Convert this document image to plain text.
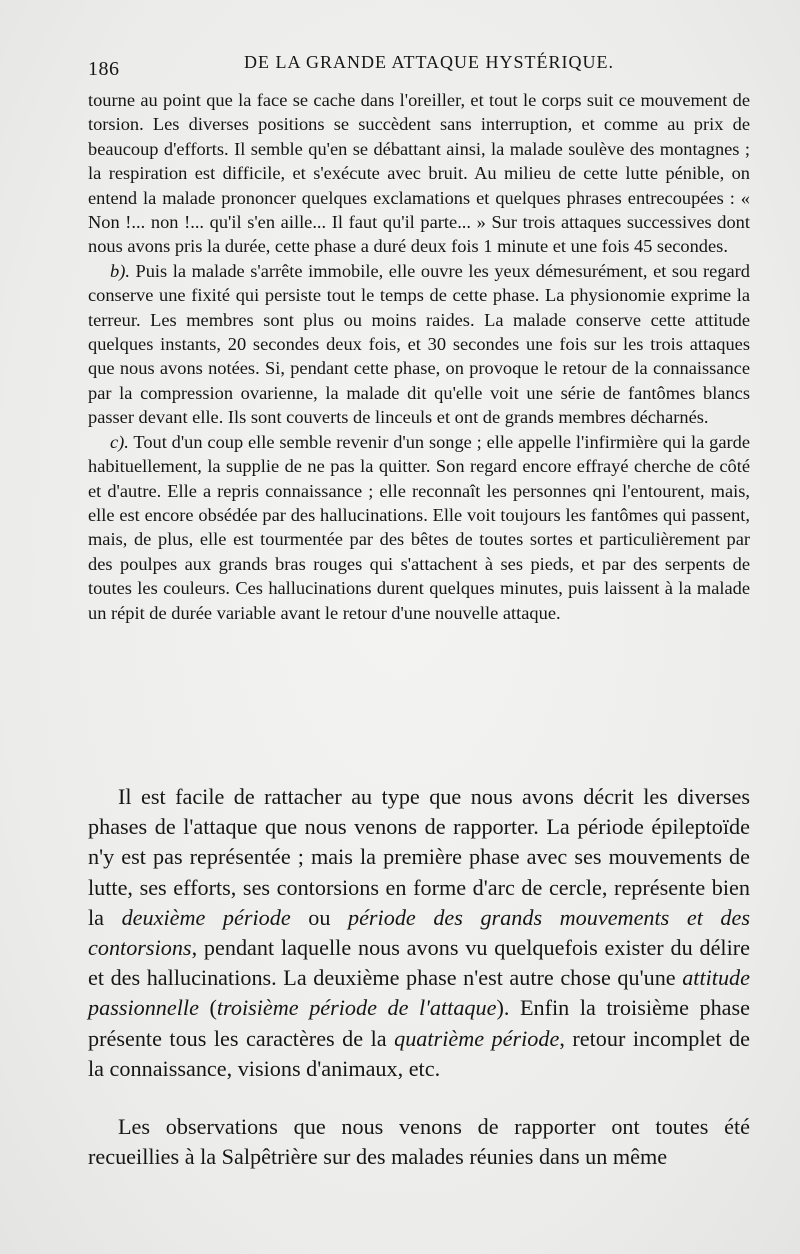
186	DE LA GRANDE ATTAQUE HYSTÉRIQUE.

tourne au point que la face se cache dans l'oreiller, et tout le corps suit ce mouvement de torsion. Les diverses positions se succèdent sans interruption, et comme au prix de beaucoup d'efforts. Il semble qu'en se débattant ainsi, la malade soulève des montagnes ; la respiration est difficile, et s'exécute avec bruit. Au milieu de cette lutte pénible, on entend la malade prononcer quelques exclamations et quelques phrases entrecoupées : « Non !... non !... qu'il s'en aille... Il faut qu'il parte... » Sur trois attaques successives dont nous avons pris la durée, cette phase a duré deux fois 1 minute et une fois 45 secondes.

b). Puis la malade s'arrête immobile, elle ouvre les yeux démesurément, et sou regard conserve une fixité qui persiste tout le temps de cette phase. La physionomie exprime la terreur. Les membres sont plus ou moins raides. La malade conserve cette attitude quelques instants, 20 secondes deux fois, et 30 secondes une fois sur les trois attaques que nous avons notées. Si, pendant cette phase, on provoque le retour de la connaissance par la compression ovarienne, la malade dit qu'elle voit une série de fantômes blancs passer devant elle. Ils sont couverts de linceuls et ont de grands membres décharnés.

c). Tout d'un coup elle semble revenir d'un songe ; elle appelle l'infirmière qui la garde habituellement, la supplie de ne pas la quitter. Son regard encore effrayé cherche de côté et d'autre. Elle a repris connaissance ; elle reconnaît les personnes qni l'entourent, mais, elle est encore obsédée par des hallucinations. Elle voit toujours les fantômes qui passent, mais, de plus, elle est tourmentée par des bêtes de toutes sortes et particulièrement par des poulpes aux grands bras rouges qui s'attachent à ses pieds, et par des serpents de toutes les couleurs. Ces hallucinations durent quelques minutes, puis laissent à la malade un répit de durée variable avant le retour d'une nouvelle attaque.

Il est facile de rattacher au type que nous avons décrit les diverses phases de l'attaque que nous venons de rapporter. La période épileptoïde n'y est pas représentée ; mais la première phase avec ses mouvements de lutte, ses efforts, ses contorsions en forme d'arc de cercle, représente bien la deuxième période ou période des grands mouvements et des contorsions, pendant laquelle nous avons vu quelquefois exister du délire et des hallucinations. La deuxième phase n'est autre chose qu'une attitude passionnelle (troisième période de l'attaque). Enfin la troisième phase présente tous les caractères de la quatrième période, retour incomplet de la connaissance, visions d'animaux, etc.

Les observations que nous venons de rapporter ont toutes été recueillies à la Salpêtrière sur des malades réunies dans un même
